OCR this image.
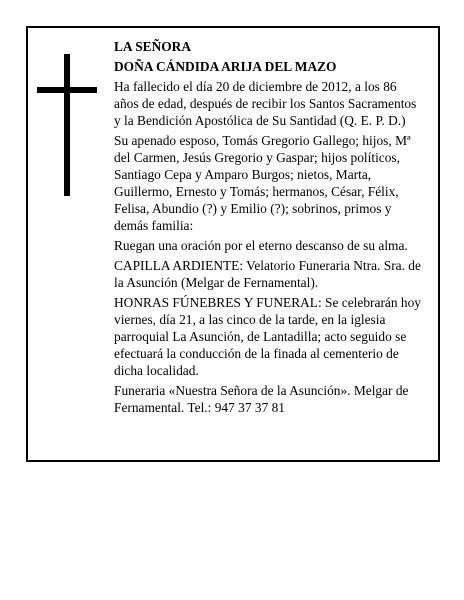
LA SEÑORA

DOÑA CÁNDIDA ARIJA DEL MAZO

Ha fallecido el día 20 de diciembre de 2012, a los 86 años de edad, después de recibir los Santos Sacramentos y la Bendición Apostólica de Su Santidad (Q. E. P. D.)

Su apenado esposo, Tomás Gregorio Gallego; hijos, Mª del Carmen, Jesús Gregorio y Gaspar; hijos políticos, Santiago Cepa y Amparo Burgos; nietos, Marta, Guillermo, Ernesto y Tomás; hermanos, César, Félix, Felisa, Abundio (?) y Emilio (?); sobrinos, primos y demás familia:

Ruegan una oración por el eterno descanso de su alma.

CAPILLA ARDIENTE: Velatorio Funeraria Ntra. Sra. de la Asunción (Melgar de Fernamental).

HONRAS FÚNEBRES Y FUNERAL: Se celebrarán hoy viernes, día 21, a las cinco de la tarde, en la iglesia parroquial La Asunción, de Lantadilla; acto seguido se efectuará la conducción de la finada al cementerio de dicha localidad.

Funeraria «Nuestra Señora de la Asunción». Melgar de Fernamental. Tel.: 947 37 37 81
